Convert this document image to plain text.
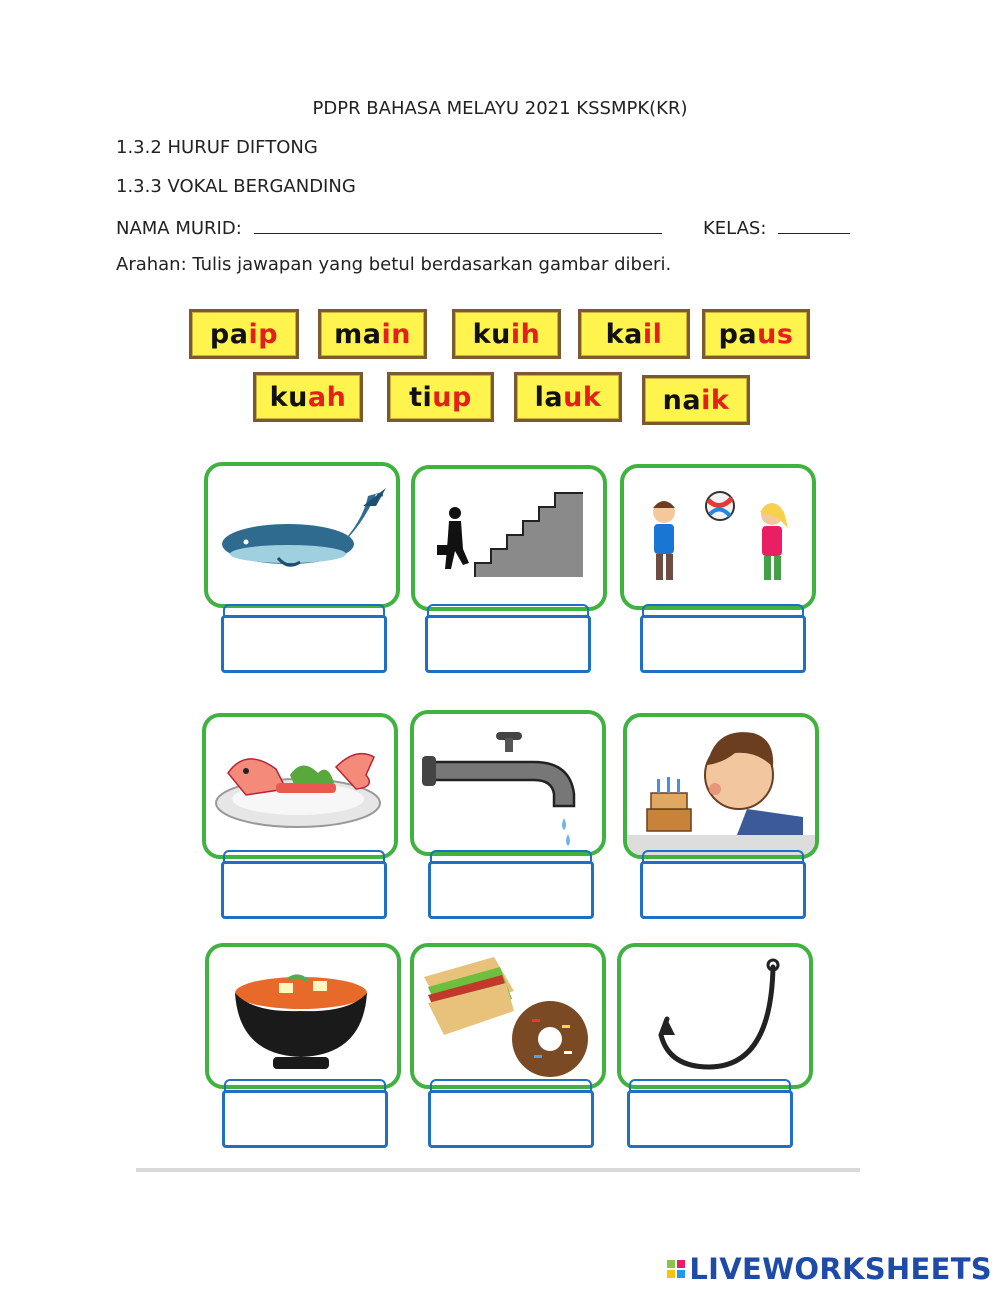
PDPR BAHASA MELAYU 2021 KSSMPK(KR)
1.3.2 HURUF DIFTONG
1.3.3 VOKAL BERGANDING
NAMA MURID:	KELAS:
Arahan: Tulis jawapan yang betul berdasarkan gambar diberi.
pa ip ma in ku ih ka il pa us
ku ah ti up la uk na ik
LIVEWORKSHEETS
